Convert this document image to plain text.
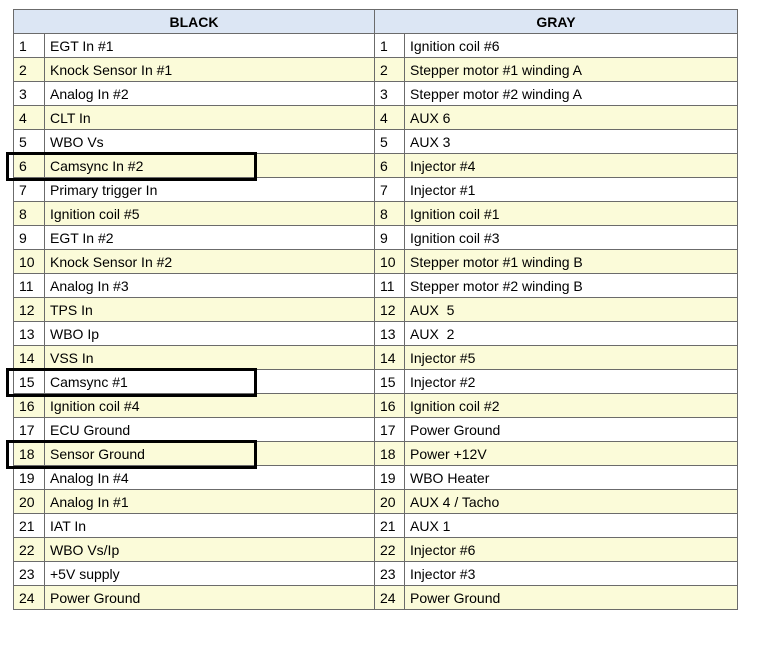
BLACK		GRAY	
1	EGT In #1	1	Ignition coil #6
2	Knock Sensor In #1	2	Stepper motor #1 winding A
3	Analog In #2	3	Stepper motor #2 winding A
4	CLT In	4	AUX 6
5	WBO Vs	5	AUX 3
6	Camsync In #2	6	Injector #4
7	Primary trigger In	7	Injector #1
8	Ignition coil #5	8	Ignition coil #1
9	EGT In #2	9	Ignition coil #3
10	Knock Sensor In #2	10	Stepper motor #1 winding B
11	Analog In #3	11	Stepper motor #2 winding B
12	TPS In	12	AUX  5
13	WBO Ip	13	AUX  2
14	VSS In	14	Injector #5
15	Camsync #1	15	Injector #2
16	Ignition coil #4	16	Ignition coil #2
17	ECU Ground	17	Power Ground
18	Sensor Ground	18	Power +12V
19	Analog In #4	19	WBO Heater
20	Analog In #1	20	AUX 4 / Tacho
21	IAT In	21	AUX 1
22	WBO Vs/Ip	22	Injector #6
23	+5V supply	23	Injector #3
24	Power Ground	24	Power Ground
